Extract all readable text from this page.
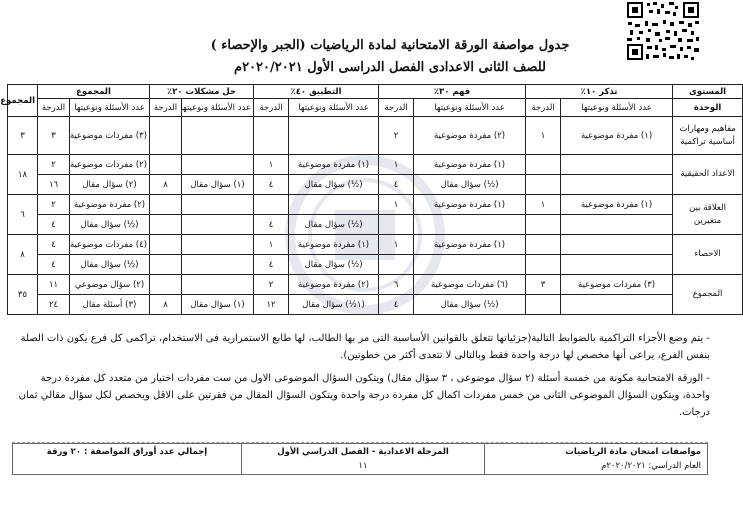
جدول مواصفة الورقة الامتحانية لمادة الرياضيات (الجبر والإحصاء )
للصف الثانى الاعدادى الفصل الدراسى الأول ٢٠٢٠/٢٠٢١م
المستوى	تذكر ١٠٪		فهم ٣٠٪		التطبيق ٤٠٪		حل مشكلات ٢٠٪		المجموع		المجموع
الوحدة	عدد الأسئلة ونوعيتها	الدرجة	عدد الأسئلة ونوعيتها	الدرجة	عدد الأسئلة ونوعيتها	الدرجة	عدد الأسئلة ونوعيتها	الدرجة	عدد الأسئلة ونوعيتها	الدرجة	
مفاهيم ومهارات أساسية تراكمية	(١) مفردة موضوعية	١	(٢) مفردة موضوعية	٢					(٣) مفردات موضوعية	٣	٣
الاعداد الحقيقية			(١) مفردة موضوعية	١	(١) مفردة موضوعية	١			(٢) مفردات موضوعية	٢	١٨
			(½) سؤال مقال	٤	(½) سؤال مقال	٤	(١) سؤال مقال	٨	(٢) سؤال مقال	١٦	
العلاقة بين متغيرين	(١) مفردة موضوعية	١	(١) مفردة موضوعية	١					(٢) مفردة موضوعية	٢	٦
					(½) سؤال مقال	٤			(½) سؤال مقال	٤	
الاحصاء			(١) مفردة موضوعية	١	(١) مفردة موضوعية	١			(٤) مفردات موضوعية	٤	٨
					(½) سؤال مقال	٤			(½) سؤال مقال	٤	
المجموع	(٣) مفردات موضوعية	٣	(٦) مفردات موضوعية	٦	(٢) مفردة موضوعية	٢			(٢) سؤال موضوعي	١١	٣٥
			(½) سؤال مقال	٤	(١½) سؤال مقال	١٢	(١) سؤال مقال	٨	(٣) أسئلة مقال	٢٤	

- يتم وضع الأجزاء التراكمية بالضوابط التالية(جزئياتها تتعلق بالقوانين الأساسية التى مر بها الطالب، لها طابع الاستمرارية فى الاستخدام، تراكمى كل فرع يكون ذات الصلة بنفس الفرع، يراعى أنها مخصص لها درجة واحدة فقط وبالتالى لا تتعدى أكثر من خطوتين).

- الورقة الامتحانية مكونة من خمسة أسئلة (٢ سؤال موضوعى ، ٣ سؤال مقال) ويتكون السؤال الموضوعى الاول من ست مفردات اختيار من متعدد كل مفردة درجة واحدة، ويتكون السؤال الموضوعى الثانى من خمس مفردات اكمال كل مفردة درجة واحدة ويتكون السؤال المقال من فقرتين على الاقل ويخصص لكل سؤال مقالي ثمان درجات.

مواصفات امتحان مادة الرياضيات
العام الدراسي: ٢٠٢٠/٢٠٢١م

المرحلة الاعدادية - الفصل الدراسي الأول
١١

إجمالي عدد أوراق المواصفة : ٢٠ ورقة
